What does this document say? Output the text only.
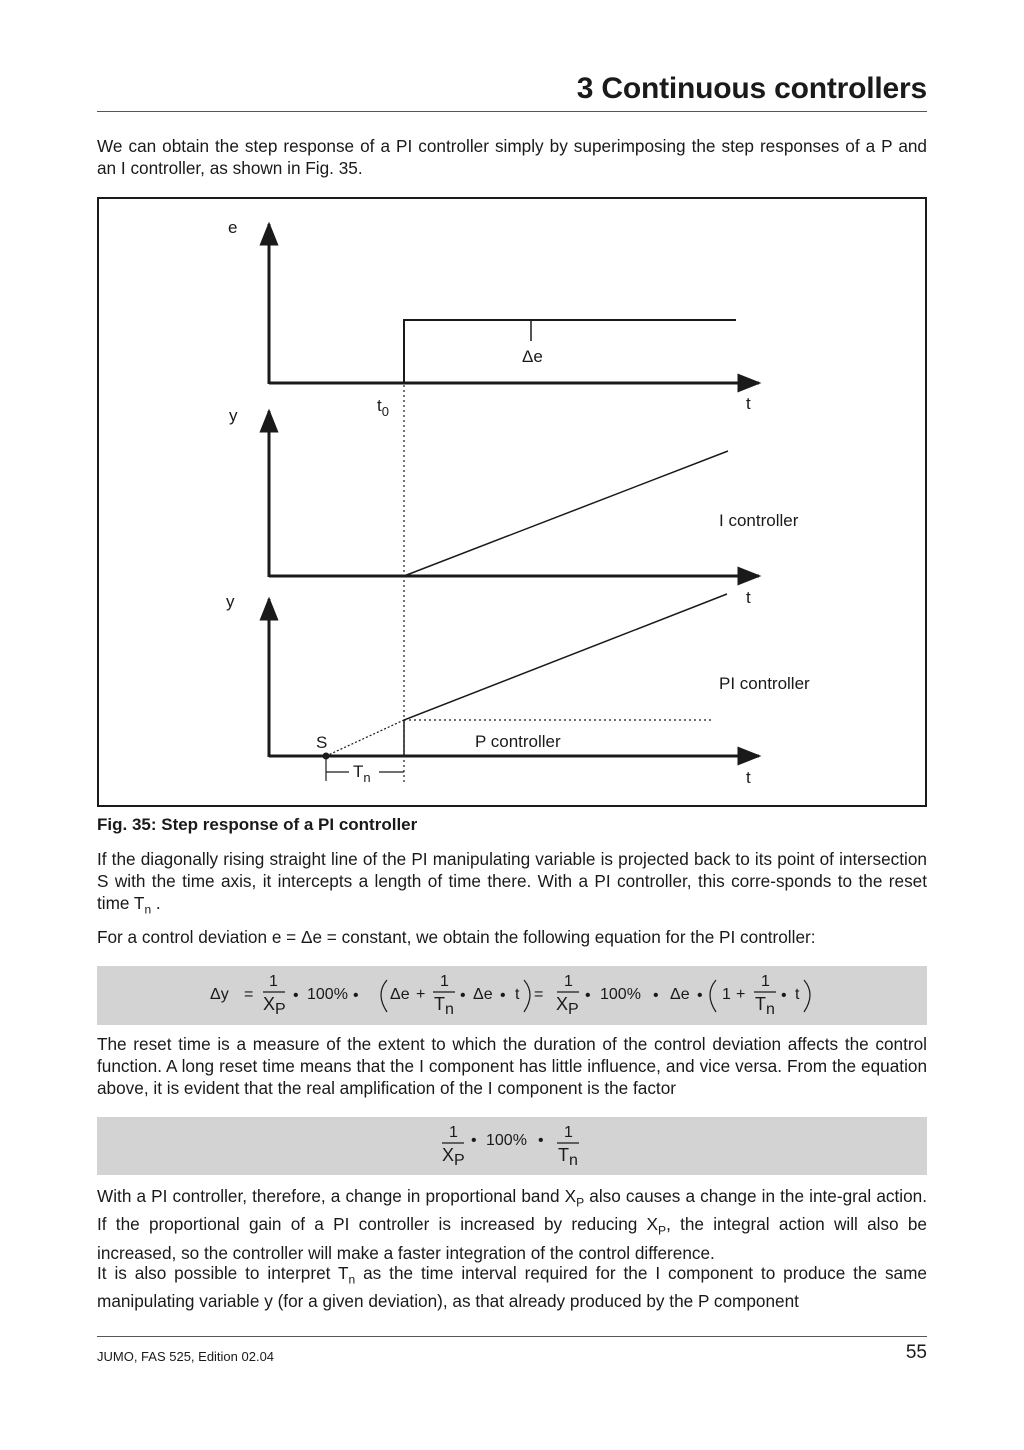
3 Continuous controllers

We can obtain the step response of a PI controller simply by superimposing the step responses of a P and an I controller, as shown in Fig. 35.

e
Δe
$t_0$	t
y
I controller
y	t
PI controller
S	P controller
$T_n$	t

Fig. 35: Step response of a PI controller

If the diagonally rising straight line of the PI manipulating variable is projected back to its point of intersection S with the time axis, it intercepts a length of time there. With a PI controller, this corre-sponds to the reset time $T_n$ .

For a control deviation e = Δe = constant, we obtain the following equation for the PI controller:

Δy =
1
XP
• 100% • Δe +
1
Tn
• Δe • t =
1
XP
• 100% • Δe • 1 +
1
Tn
• t

The reset time is a measure of the extent to which the duration of the control deviation affects the control function. A long reset time means that the I component has little influence, and vice versa. From the equation above, it is evident that the real amplification of the I component is the factor

1
XP
• 100% • 1
Tn

With a PI controller, therefore, a change in proportional band $X_P$ also causes a change in the inte-gral action. If the proportional gain of a PI controller is increased by reducing $X_P$, the integral action will also be increased, so the controller will make a faster integration of the control difference.

It is also possible to interpret $T_n$ as the time interval required for the I component to produce the same manipulating variable y (for a given deviation), as that already produced by the P component

JUMO, FAS 525, Edition 02.04	55
